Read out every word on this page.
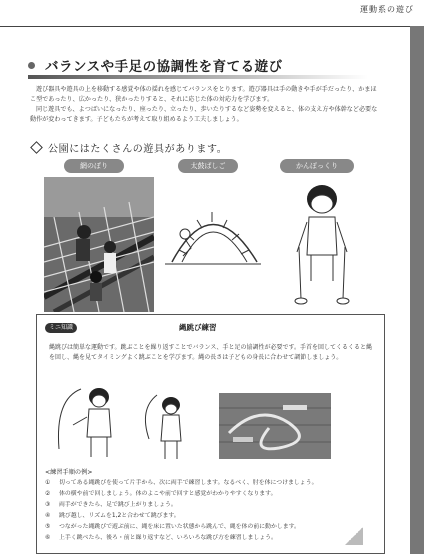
運動系の遊び
バランスや手足の協調性を育てる遊び

遊び器具や遊具の上を移動する感覚や体の揺れを感じてバランスをとります。遊び器具は手の動きや手が手だったり、かまほこ型であったり、広かったり、狭かったりすると、それに応じた体の対応力を学びます。

同じ遊具でも、よつばいになったり、座ったり、立ったり、歩いたりするなど姿勢を変えると、体の支え方や体幹など必要な動作が変わってきます。子どもたちが考えて取り組めるよう工夫しましょう。

公園にはたくさんの遊具があります。
網のぼり	太鼓ばしご	かんぽっくり
ミニ知識	縄跳び練習
縄跳びは簡単な運動です。跳ぶことを繰り返すことでバランス、手と足の協調性が必要です。手首を回してくるくると縄を回し、縄を見てタイミングよく跳ぶことを学びます。縄の長さは子どもの身長に合わせて調節しましょう。
<練習手順の例>
①	切ってある縄跳びを使って片手から、次に両手で練習します。なるべく、肘を体につけましょう。
②	体の横や前で回しましょう。体のよこや前で回すと感覚がわかりやすくなります。
③	両手ができたら、足で跳び上がりましょう。
④	跳び越し、リズムを1,2と合わせて跳びます。
⑤	つながった縄跳びで遊ぶ前に、縄を床に置いた状態から跳んで、縄を体の前に動かします。
⑥	上手く跳べたら、後ろ・前と繰り返すなど、いろいろな跳び方を練習しましょう。
